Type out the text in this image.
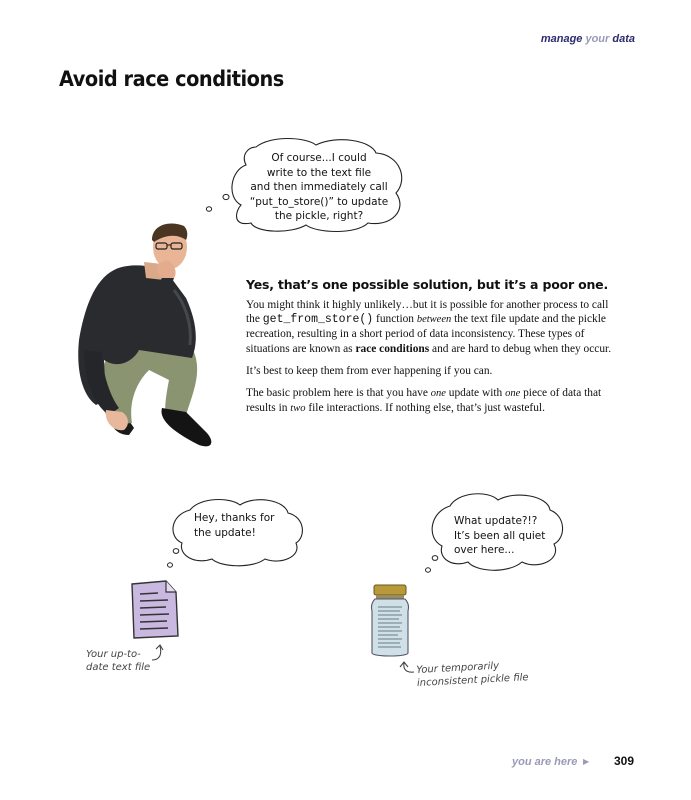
manage your data
Avoid race conditions
Of course...I could
write to the text file
and then immediately call
“put_to_store()” to update
the pickle, right?
Yes, that’s one possible solution, but it’s a poor one.

You might think it highly unlikely…but it is possible for another process to call the get_from_store() function between the text file update and the pickle recreation, resulting in a short period of data inconsistency. These types of situations are known as race conditions and are hard to debug when they occur.

It’s best to keep them from ever happening if you can.

The basic problem here is that you have one update with one piece of data that results in two file interactions. If nothing else, that’s just wasteful.

Hey, thanks for
the update!
What update?!?
It’s been all quiet
over here...
Your up-to-
date text file	Your temporarily
inconsistent pickle file
you are here ▶ 309
